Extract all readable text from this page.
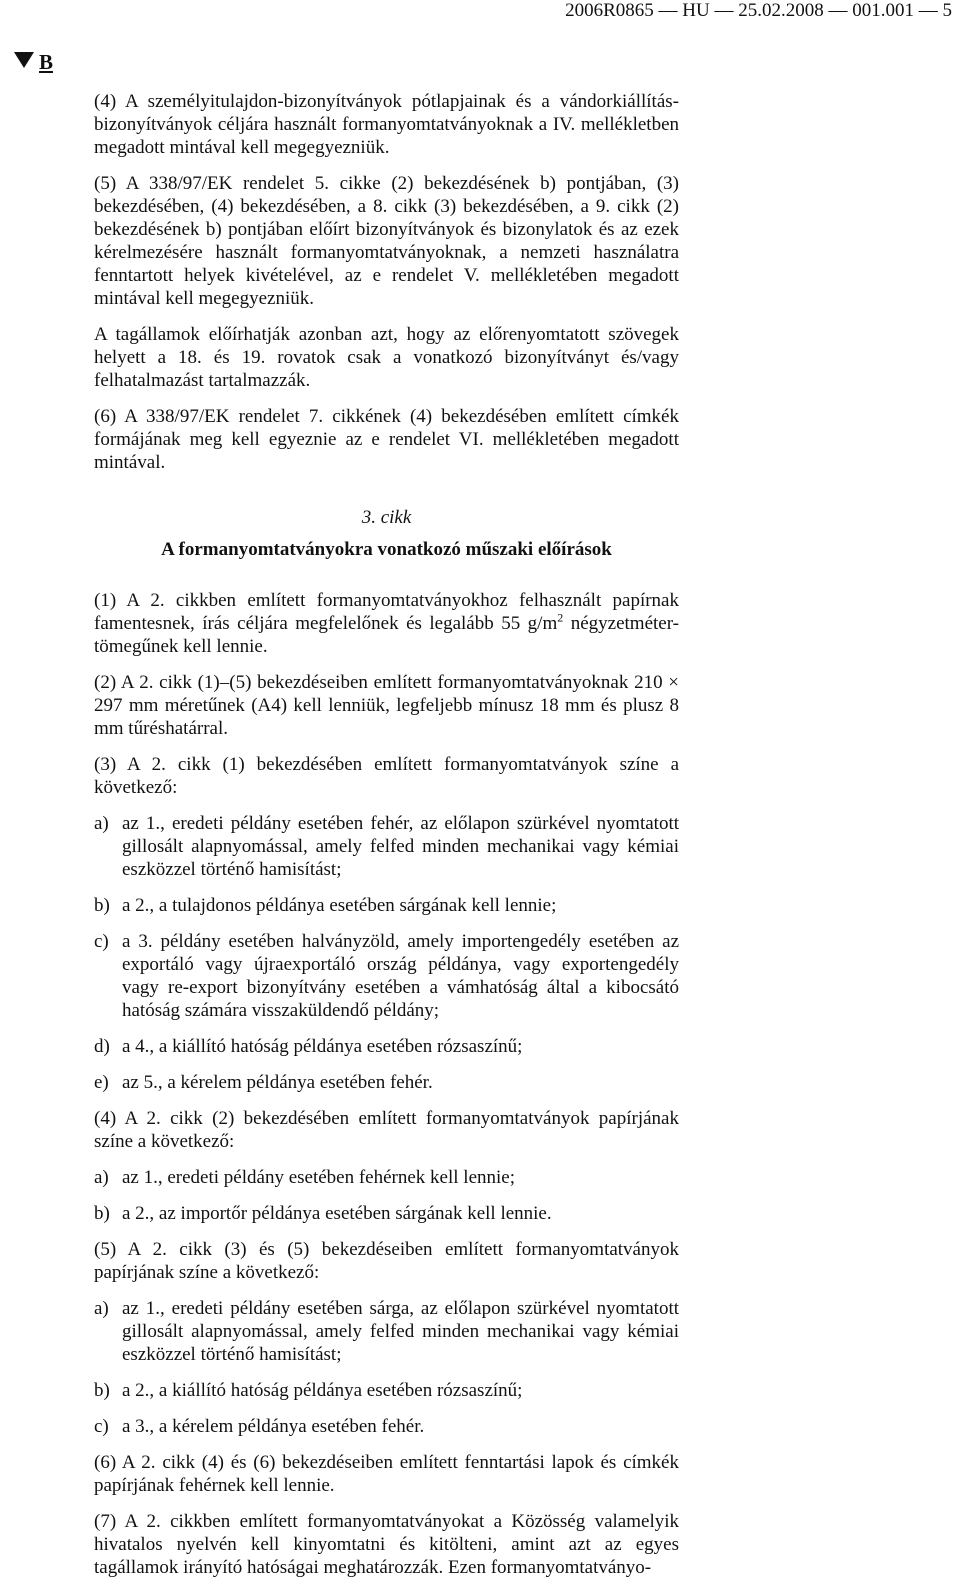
2006R0865 — HU — 25.02.2008 — 001.001 — 5
B

(4) A személyitulajdon-bizonyítványok pótlapjainak és a vándorkiállítás-bizonyítványok céljára használt formanyomtatványoknak a IV. mellékletben megadott mintával kell megegyezniük.

(5) A 338/97/EK rendelet 5. cikke (2) bekezdésének b) pontjában, (3) bekezdésében, (4) bekezdésében, a 8. cikk (3) bekezdésében, a 9. cikk (2) bekezdésének b) pontjában előírt bizonyítványok és bizonylatok és az ezek kérelmezésére használt formanyomtatványoknak, a nemzeti használatra fenntartott helyek kivételével, az e rendelet V. mellékletében megadott mintával kell megegyezniük.

A tagállamok előírhatják azonban azt, hogy az előrenyomtatott szövegek helyett a 18. és 19. rovatok csak a vonatkozó bizonyítványt és/vagy felhatalmazást tartalmazzák.

(6) A 338/97/EK rendelet 7. cikkének (4) bekezdésében említett címkék formájának meg kell egyeznie az e rendelet VI. mellékletében megadott mintával.

3. cikk
A formanyomtatványokra vonatkozó műszaki előírások

(1) A 2. cikkben említett formanyomtatványokhoz felhasznált papírnak famentesnek, írás céljára megfelelőnek és legalább 55 $g/m^2$ négyzetméter-tömegűnek kell lennie.

(2) A 2. cikk (1)–(5) bekezdéseiben említett formanyomtatványoknak 210 × 297 mm méretűnek (A4) kell lenniük, legfeljebb mínusz 18 mm és plusz 8 mm tűréshatárral.

(3) A 2. cikk (1) bekezdésében említett formanyomtatványok színe a következő:

a) az 1., eredeti példány esetében fehér, az előlapon szürkével nyomtatott gillosált alapnyomással, amely felfed minden mechanikai vagy kémiai eszközzel történő hamisítást;
b) a 2., a tulajdonos példánya esetében sárgának kell lennie;
c) a 3. példány esetében halványzöld, amely importengedély esetében az exportáló vagy újraexportáló ország példánya, vagy exportengedély vagy re-export bizonyítvány esetében a vámhatóság által a kibocsátó hatóság számára visszaküldendő példány;
d) a 4., a kiállító hatóság példánya esetében rózsaszínű;
e) az 5., a kérelem példánya esetében fehér.

(4) A 2. cikk (2) bekezdésében említett formanyomtatványok papírjának színe a következő:

a) az 1., eredeti példány esetében fehérnek kell lennie;
b) a 2., az importőr példánya esetében sárgának kell lennie.

(5) A 2. cikk (3) és (5) bekezdéseiben említett formanyomtatványok papírjának színe a következő:

a) az 1., eredeti példány esetében sárga, az előlapon szürkével nyomtatott gillosált alapnyomással, amely felfed minden mechanikai vagy kémiai eszközzel történő hamisítást;
b) a 2., a kiállító hatóság példánya esetében rózsaszínű;
c) a 3., a kérelem példánya esetében fehér.

(6) A 2. cikk (4) és (6) bekezdéseiben említett fenntartási lapok és címkék papírjának fehérnek kell lennie.

(7) A 2. cikkben említett formanyomtatványokat a Közösség valamelyik hivatalos nyelvén kell kinyomtatni és kitölteni, amint azt az egyes tagállamok irányító hatóságai meghatározzák. Ezen formanyomtatványo-
